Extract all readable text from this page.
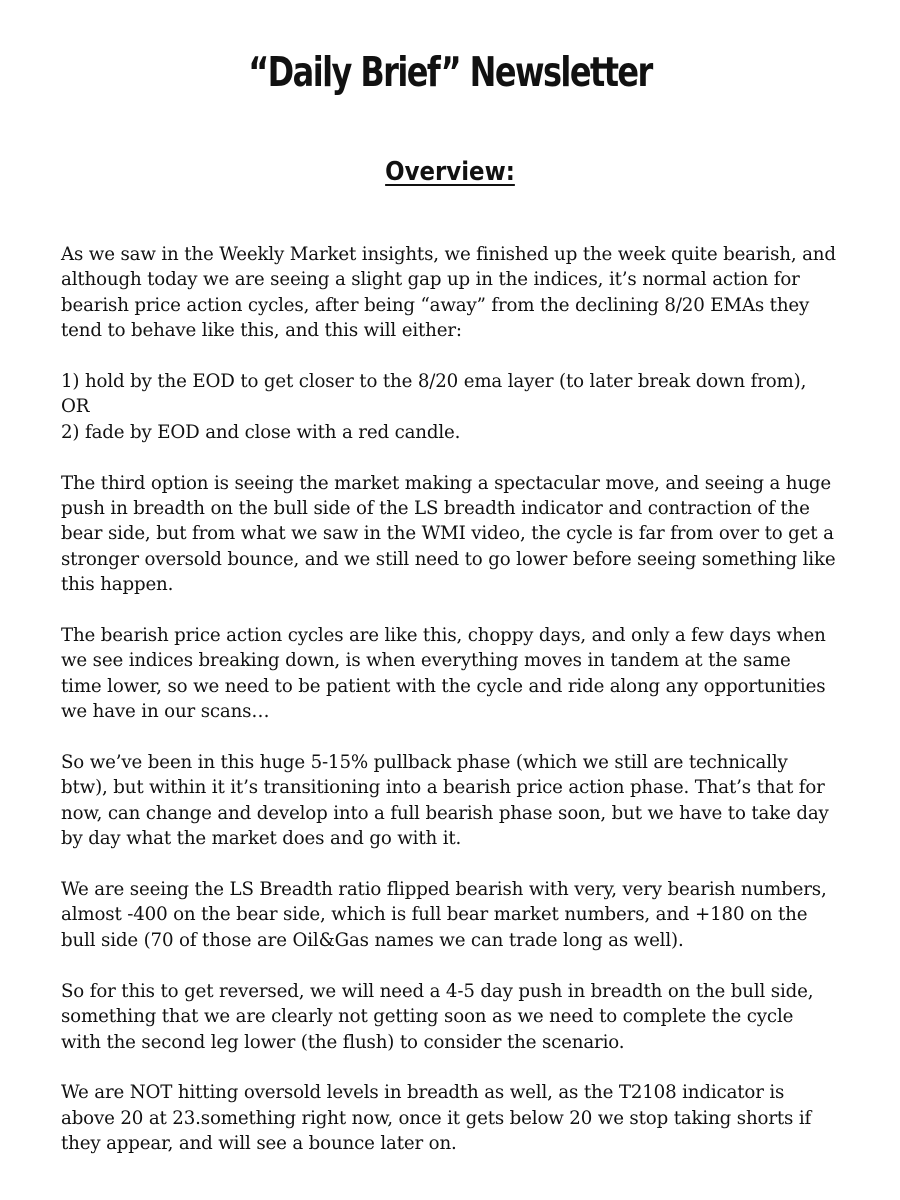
“Daily Brief” Newsletter
Overview:

As we saw in the Weekly Market insights, we finished up the week quite bearish, and although today we are seeing a slight gap up in the indices, it’s normal action for bearish price action cycles, after being “away” from the declining 8/20 EMAs they tend to behave like this, and this will either:

1) hold by the EOD to get closer to the 8/20 ema layer (to later break down from), OR
2) fade by EOD and close with a red candle.

The third option is seeing the market making a spectacular move, and seeing a huge push in breadth on the bull side of the LS breadth indicator and contraction of the bear side, but from what we saw in the WMI video, the cycle is far from over to get a stronger oversold bounce, and we still need to go lower before seeing something like this happen.

The bearish price action cycles are like this, choppy days, and only a few days when we see indices breaking down, is when everything moves in tandem at the same time lower, so we need to be patient with the cycle and ride along any opportunities we have in our scans…

So we’ve been in this huge 5-15% pullback phase (which we still are technically btw), but within it it’s transitioning into a bearish price action phase. That’s that for now, can change and develop into a full bearish phase soon, but we have to take day by day what the market does and go with it.

We are seeing the LS Breadth ratio flipped bearish with very, very bearish numbers, almost -400 on the bear side, which is full bear market numbers, and +180 on the bull side (70 of those are Oil&Gas names we can trade long as well).

So for this to get reversed, we will need a 4-5 day push in breadth on the bull side, something that we are clearly not getting soon as we need to complete the cycle with the second leg lower (the flush) to consider the scenario.

We are NOT hitting oversold levels in breadth as well, as the T2108 indicator is above 20 at 23.something right now, once it gets below 20 we stop taking shorts if they appear, and will see a bounce later on.
